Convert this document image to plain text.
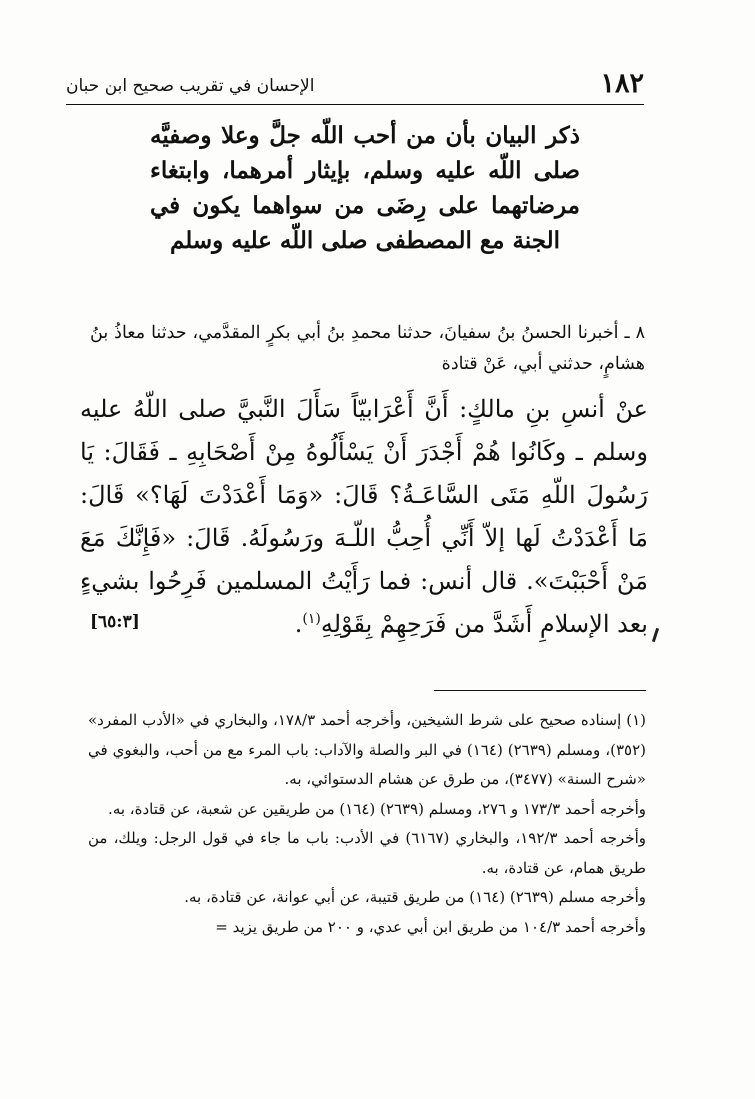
١٨٢
الإحسان في تقريب صحيح ابن حبان
ذكر البيان بأن من أحب اللّه جلَّ وعلا وصفيَّه صلى اللّه عليه وسلم، بإيثار أمرهما، وابتغاء مرضاتهما على رِضَى من سواهما يكون في الجنة مع المصطفى صلى اللّه عليه وسلم
٨ ـ أخبرنا الحسنُ بنُ سفيانَ، حدثنا محمدِ بنُ أبي بكرٍ المقدَّمي، حدثنا معاذُ بنُ هشامٍ، حدثني أبي، عَنْ قتادة
عنْ أنسِ بنِ مالكٍ: أَنَّ أَعْرَابيّاً سَأَلَ النَّبيَّ صلى اللّهُ عليه وسلم ـ وكَانُوا هُمْ أَجْدَرَ أَنْ يَسْأَلُوهُ مِنْ أَصْحَابِهِ ـ فَقَالَ: يَا رَسُولَ اللّهِ مَتَى السَّاعَـةُ؟ قَالَ: «وَمَا أَعْدَدْتَ لَهَا؟» قَالَ: مَا أَعْدَدْتُ لَها إلاّ أَنِّي أُحِبُّ اللّـهَ ورَسُولَهُ. قَالَ: «فَإِنَّكَ مَعَ مَنْ أَحْبَبْتَ». قال أنس: فما رَأَيْتُ المسلمين فَرِحُوا بشيءٍ بعد الإسلامِ أَشَدَّ من فَرَحِهِمْ بِقَوْلِهِ$^{(١)}$.
[٦٥:٣]

(١) إسناده صحيح على شرط الشيخين، وأخرجه أحمد ١٧٨/٣، والبخاري في «الأدب المفرد» (٣٥٢)، ومسلم (٢٦٣٩) (١٦٤) في البر والصلة والآداب: باب المرء مع من أحب، والبغوي في «شرح السنة» (٣٤٧٧)، من طرق عن هشام الدستوائي، به.

وأخرجه أحمد ١٧٣/٣ و ٢٧٦، ومسلم (٢٦٣٩) (١٦٤) من طريقين عن شعبة، عن قتادة، به.

وأخرجه أحمد ١٩٢/٣، والبخاري (٦١٦٧) في الأدب: باب ما جاء في قول الرجل: ويلك، من طريق همام، عن قتادة، به.

وأخرجه مسلم (٢٦٣٩) (١٦٤) من طريق قتيبة، عن أبي عوانة، عن قتادة، به.

وأخرجه أحمد ١٠٤/٣ من طريق ابن أبي عدي، و ٢٠٠ من طريق يزيد =
